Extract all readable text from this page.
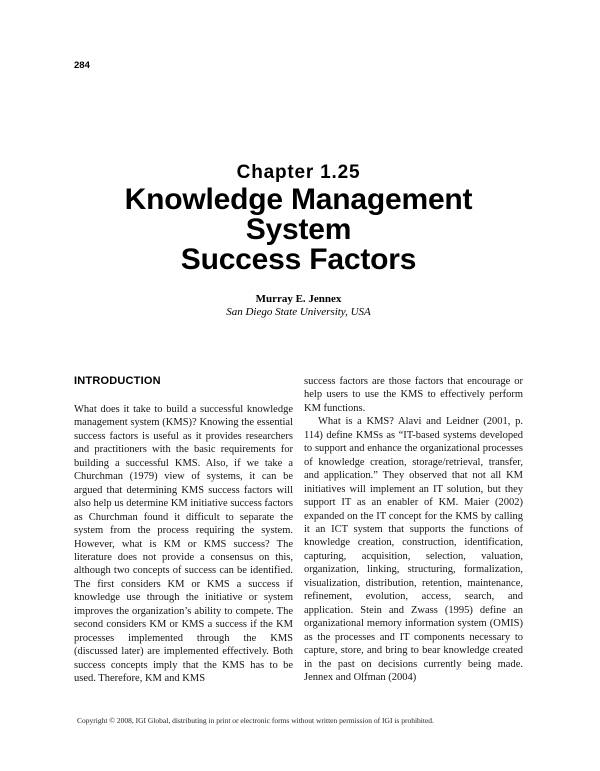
284
Chapter 1.25
Knowledge Management System
Success Factors
Murray E. Jennex
San Diego State University, USA
INTRODUCTION

What does it take to build a successful knowledge management system (KMS)? Knowing the essential success factors is useful as it provides researchers and practitioners with the basic requirements for building a successful KMS. Also, if we take a Churchman (1979) view of systems, it can be argued that determining KMS success factors will also help us determine KM initiative success factors as Churchman found it difficult to separate the system from the process requiring the system. However, what is KM or KMS success? The literature does not provide a consensus on this, although two concepts of success can be identified. The first considers KM or KMS a success if knowledge use through the initiative or system improves the organization’s ability to compete. The second considers KM or KMS a success if the KM processes implemented through the KMS (discussed later) are implemented effectively. Both success concepts imply that the KMS has to be used. Therefore, KM and KMS

success factors are those factors that encourage or help users to use the KMS to effectively perform KM functions.

What is a KMS? Alavi and Leidner (2001, p. 114) define KMSs as “IT-based systems developed to support and enhance the organizational processes of knowledge creation, storage/retrieval, transfer, and application.” They observed that not all KM initiatives will implement an IT solution, but they support IT as an enabler of KM. Maier (2002) expanded on the IT concept for the KMS by calling it an ICT system that supports the functions of knowledge creation, construction, identification, capturing, acquisition, selection, valuation, organization, linking, structuring, formalization, visualization, distribution, retention, maintenance, refinement, evolution, access, search, and application. Stein and Zwass (1995) define an organizational memory information system (OMIS) as the processes and IT components necessary to capture, store, and bring to bear knowledge created in the past on decisions currently being made. Jennex and Olfman (2004)

Copyright © 2008, IGI Global, distributing in print or electronic forms without written permission of IGI is prohibited.
